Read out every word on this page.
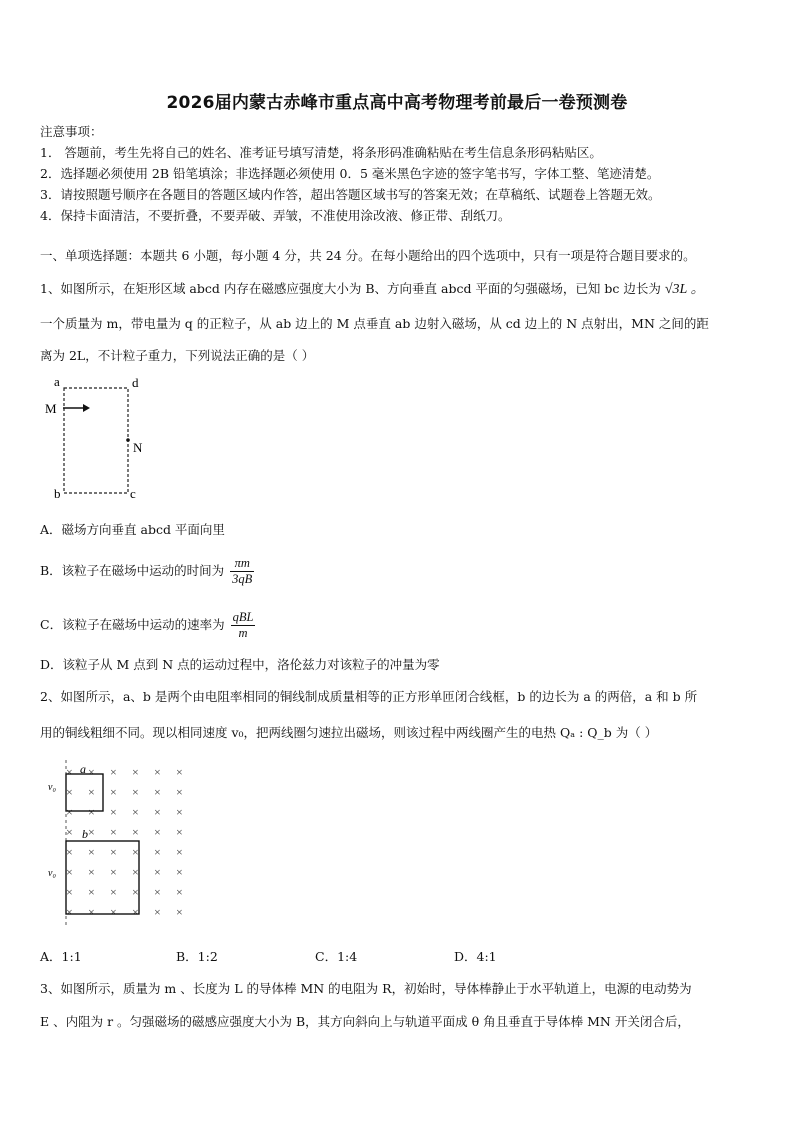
2026届内蒙古赤峰市重点高中高考物理考前最后一卷预测卷
注意事项：
1． 答题前，考生先将自己的姓名、准考证号填写清楚，将条形码准确粘贴在考生信息条形码粘贴区。
2．选择题必须使用 2B 铅笔填涂；非选择题必须使用 0．5 毫米黑色字迹的签字笔书写，字体工整、笔迹清楚。
3．请按照题号顺序在各题目的答题区域内作答，超出答题区域书写的答案无效；在草稿纸、试题卷上答题无效。
4．保持卡面清洁，不要折叠，不要弄破、弄皱，不准使用涂改液、修正带、刮纸刀。
一、单项选择题：本题共 6 小题，每小题 4 分，共 24 分。在每小题给出的四个选项中，只有一项是符合题目要求的。
1、如图所示，在矩形区域 abcd 内存在磁感应强度大小为 B、方向垂直 abcd 平面的匀强磁场，已知 bc 边长为 √3L 。
一个质量为 m，带电量为 q 的正粒子，从 ab 边上的 M 点垂直 ab 边射入磁场，从 cd 边上的 N 点射出，MN 之间的距
离为 2L，不计粒子重力，下列说法正确的是（ ）
a	d
M
N
b	c
A．磁场方向垂直 abcd 平面向里
B．该粒子在磁场中运动的时间为 $\frac{\pi m}{3qB}$
C．该粒子在磁场中运动的速率为 $\frac{\text{qBL}}{m}$
D．该粒子从 M 点到 N 点的运动过程中，洛伦兹力对该粒子的冲量为零
2、如图所示，a、b 是两个由电阻率相同的铜线制成质量相等的正方形单匝闭合线框，b 的边长为 a 的两倍，a 和 b 所
用的铜线粗细不同。现以相同速度 v₀，把两线圈匀速拉出磁场，则该过程中两线圈产生的电热 Qₐ : Q_b 为（ ）
× × × × × ×
× × × × × ×
× × × × × ×
× × × × × ×
× × × × × ×
× × × × × ×
× × × × × ×
× × × × × ×
a
b
v₀
v₀
A．1:1	B．1:2	C．1:4	D．4:1
3、如图所示，质量为 m 、长度为 L 的导体棒 MN 的电阻为 R，初始时，导体棒静止于水平轨道上，电源的电动势为
E 、内阻为 r 。匀强磁场的磁感应强度大小为 B，其方向斜向上与轨道平面成 θ 角且垂直于导体棒 MN 开关闭合后，
